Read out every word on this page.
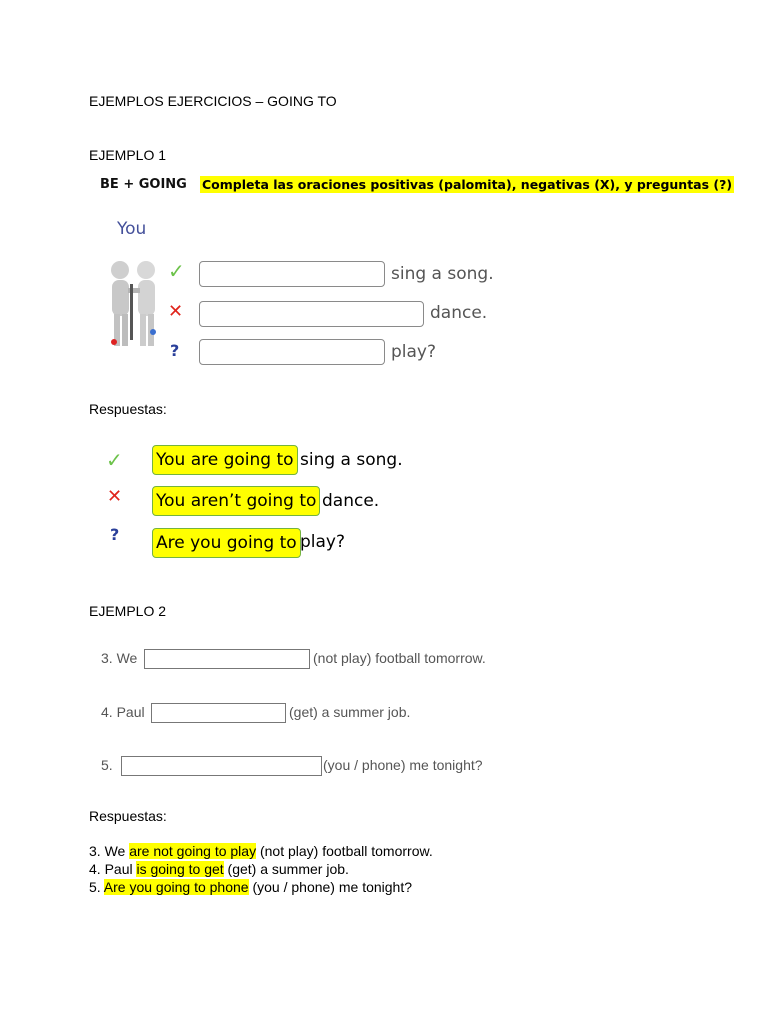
EJEMPLOS EJERCICIOS – GOING TO
EJEMPLO 1
BE + GOING Completa las oraciones positivas (palomita), negativas (X), y preguntas (?)
You
✓	sing a song.
✕	dance.
?	play?
Respuestas:
✓ You are going to sing a song.
✕ You aren’t going to dance.
? Are you going to play?
EJEMPLO 2
3. We	(not play) football tomorrow.
4. Paul	(get) a summer job.
5.	(you / phone) me tonight?
Respuestas:
3. We are not going to play (not play) football tomorrow.
4. Paul is going to get (get) a summer job.
5. Are you going to phone (you / phone) me tonight?
